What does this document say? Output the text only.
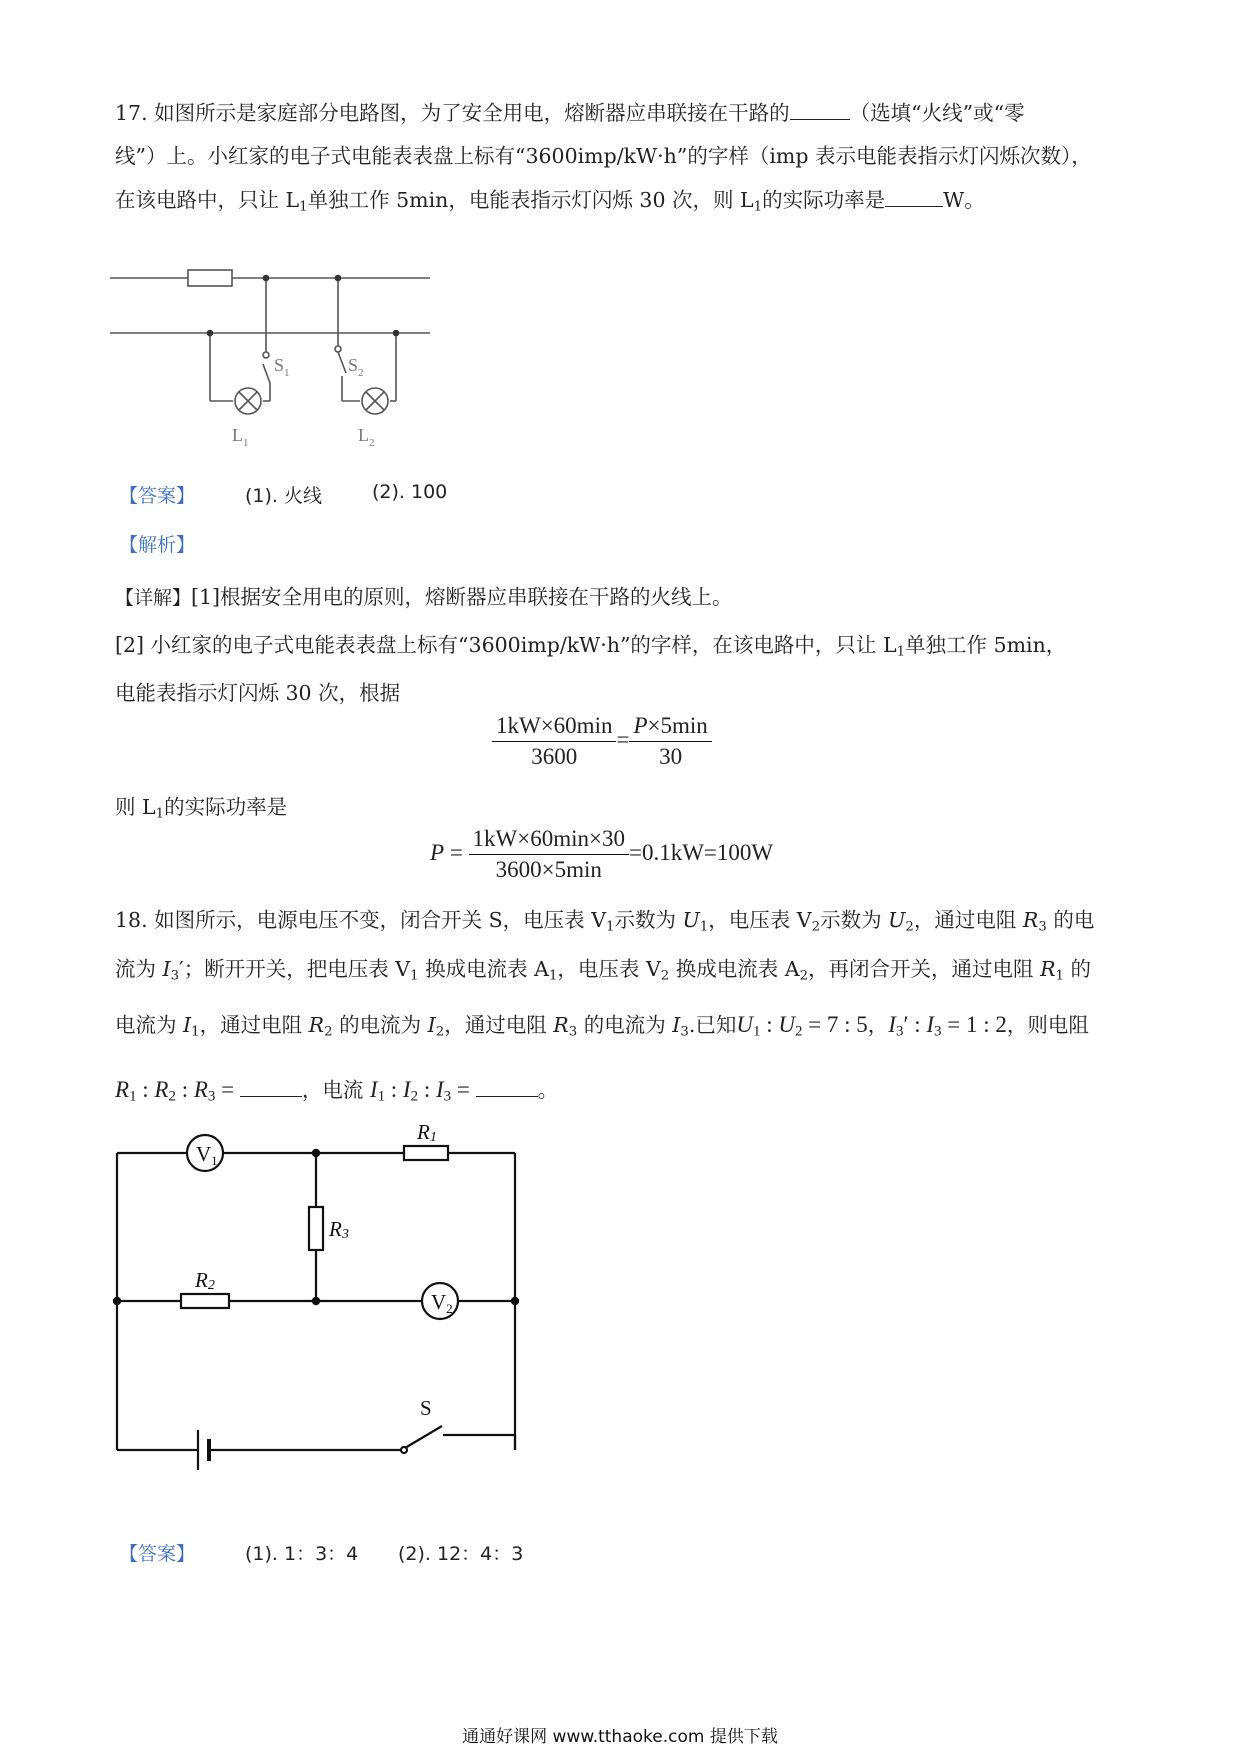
17. 如图所示是家庭部分电路图，为了安全用电，熔断器应串联接在干路的	（选填“火线”或“零
线”）上。小红家的电子式电能表表盘上标有“3600imp/kW·h”的字样（imp 表示电能表指示灯闪烁次数），
在该电路中，只让 $L_1$单独工作 5min，电能表指示灯闪烁 30 次，则 $L_1$的实际功率是	W。
$S_1$	$S_2$
$L_1$	$L_2$
【答案】	(1). 火线	(2). 100
【解析】
【详解】[1]根据安全用电的原则，熔断器应串联接在干路的火线上。
[2] 小红家的电子式电能表表盘上标有“3600imp/kW·h”的字样，在该电路中，只让 $L_1$单独工作 5min，
电能表指示灯闪烁 30 次，根据
$\frac{1kW\times 60\min}{3600} = \frac{P\times 5\min}{30}$
则 $L_1$的实际功率是
$P = \frac{1kW\times 60\min\times 30}{3600\times 5\min} =0.1kW=100W$
18. 如图所示，电源电压不变，闭合开关 S，电压表 $V_1$示数为 $U_1$，电压表 $V_2$示数为 $U_2$，通过电阻 $R_3$ 的电
流为 $I_3'$；断开开关，把电压表 $V_1$ 换成电流表 $A_1$，电压表 $V_2$ 换成电流表 $A_2$，再闭合开关，通过电阻 $R_1$ 的
电流为 $I_1$，通过电阻 $R_2$ 的电流为 $I_2$，通过电阻 $R_3$ 的电流为 $I_3$.已知$U_1$ : $U_2 = 7$ : 5，$I_3'$ : $I_3 = 1$ : 2，则电阻
$R_1$ : $R_2$ : $R_3$ =	，电流 $I_1$ : $I_2$ : $I_3$ =	。
V1
V2
R1
R2
R3
S
【答案】	(1). 1：3：4 (2). 12：4：3
通通好课网 www.tthaoke.com 提供下载
